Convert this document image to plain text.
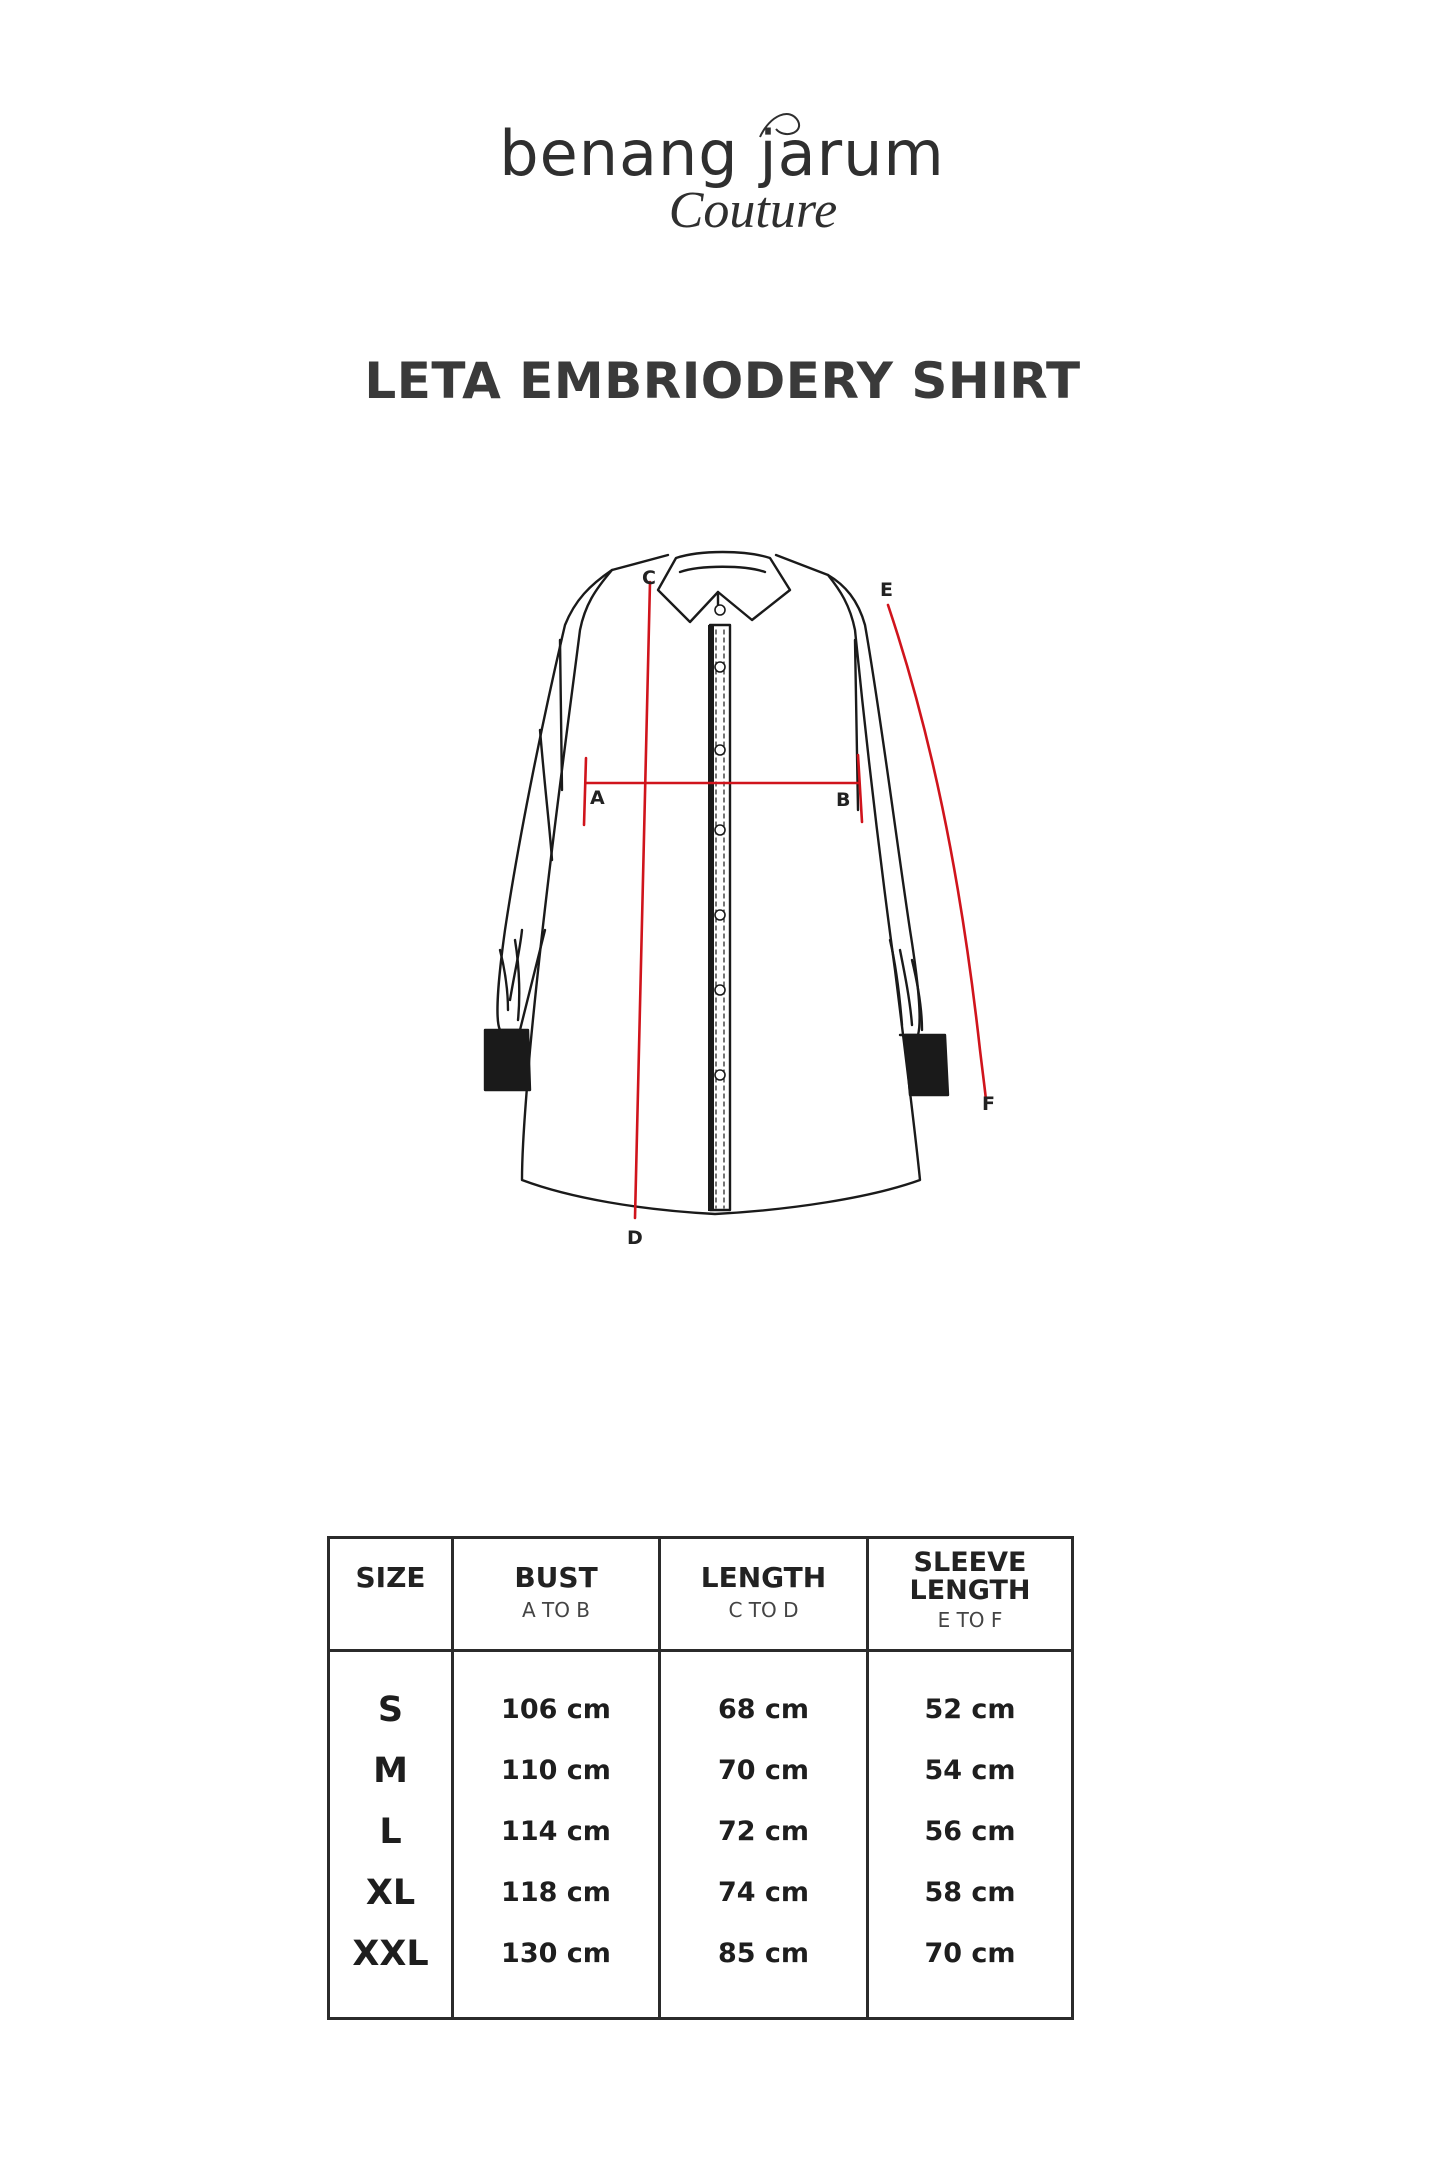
benang jarum
Couture
LETA EMBRIODERY SHIRT
C
A	B
E
F
D
SIZE	BUST
A TO B
LENGTH
C TO D
SLEEVE
LENGTH
E TO F
S
M
L
XL
XXL
106 cm
110 cm
114 cm
118 cm
130 cm
68 cm
70 cm
72 cm
74 cm
85 cm
52 cm
54 cm
56 cm
58 cm
70 cm
